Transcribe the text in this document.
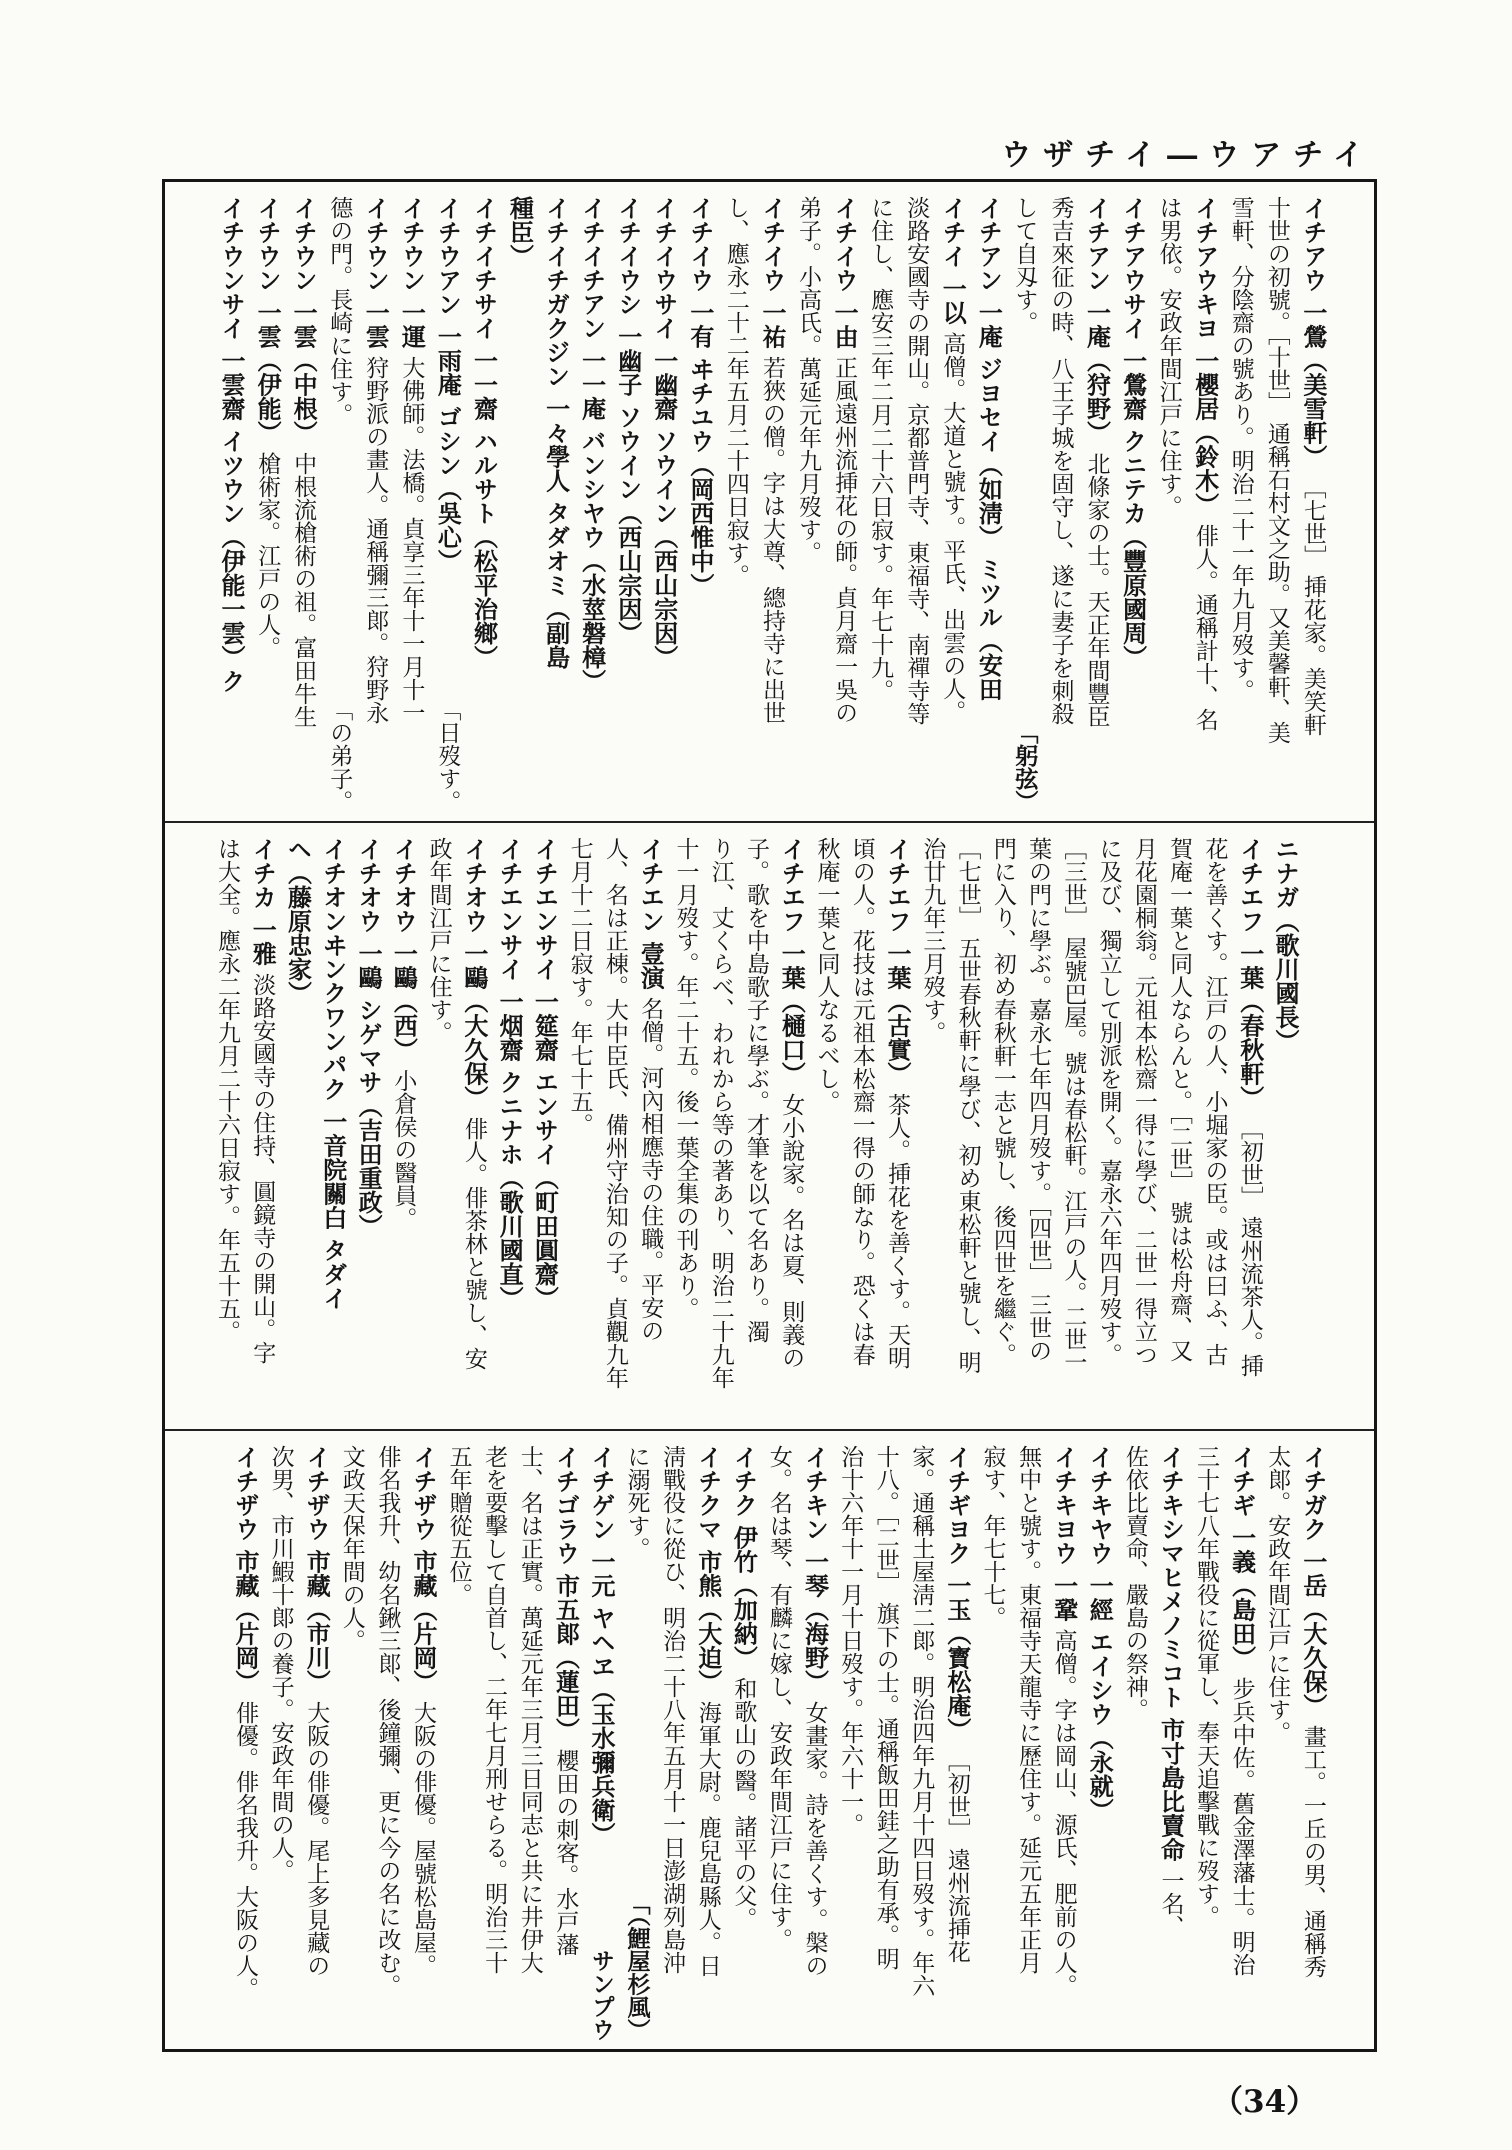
イチアウ―イチザウ
イチアウ 一鶯（美雪軒） ［七世］ 挿花家。美笑軒
十世の初號。［十世］ 通稱石村文之助。又美馨軒、美
雪軒、分陰齋の號あり。明治二十一年九月歿す。
イチアウキヨ 一櫻居（鈴木） 俳人。通稱計十、名
は男依。安政年間江戸に住す。
イチアウサイ 一鶯齋 クニテカ（豐原國周）
イチアン 一庵（狩野） 北條家の士。天正年間豐臣
秀吉來征の時、八王子城を固守し、遂に妻子を刺殺
して自刄す。
「躬弦）
イチアン 一庵 ジヨセイ（如淸） ミツル（安田
イチイ 一以 高僧。大道と號す。平氏、出雲の人。
淡路安國寺の開山。京都普門寺、東福寺、南禪寺等
に住し、應安三年二月二十六日寂す。年七十九。
イチイウ 一由 正風遠州流挿花の師。貞月齋一吳の
弟子。小高氏。萬延元年九月歿す。
イチイウ 一祐 若狹の僧。字は大尊、總持寺に出世
し、應永二十二年五月二十四日寂す。
イチイウ 一有 ヰチユウ（岡西惟中）
イチイウサイ 一幽齋 ソウイン（西山宗因）
イチイウシ 一幽子 ソウイン（西山宗因）
イチイチアン 一一庵 バンシヤウ（水莖磐樟）
イチイチガクジン 一々學人 タダオミ（副島
種臣）
イチイチサイ 一一齋 ハルサト（松平治鄉）
イチウアン 一雨庵 ゴシン（吳心）
「日歿す。
イチウン 一運 大佛師。法橋。貞享三年十一月十一
イチウン 一雲 狩野派の畫人。通稱彌三郞。狩野永
德の門。長崎に住す。
「の弟子。
イチウン 一雲（中根） 中根流槍術の祖。富田牛生
イチウン 一雲（伊能） 槍術家。江戸の人。
イチウンサイ 一雲齋 イツウン（伊能一雲）ク
ニナガ（歌川國長）
イチエフ 一葉（春秋軒） ［初世］ 遠州流茶人。挿
花を善くす。江戸の人、小堀家の臣。或は曰ふ、古
賀庵一葉と同人ならんと。［二世］ 號は松舟齋、又
月花園桐翁。元祖本松齋一得に學び、二世一得立つ
に及び、獨立して別派を開く。嘉永六年四月歿す。
［三世］ 屋號巴屋。號は春松軒。江戸の人。二世一
葉の門に學ぶ。嘉永七年四月歿す。［四世］ 三世の
門に入り、初め春秋軒一志と號し、後四世を繼ぐ。
［七世］ 五世春秋軒に學び、初め東松軒と號し、明
治廿九年三月歿す。
イチエフ 一葉（古實） 茶人。挿花を善くす。天明
頃の人。花技は元祖本松齋一得の師なり。恐くは春
秋庵一葉と同人なるべし。
イチエフ 一葉（樋口） 女小說家。名は夏、則義の
子。歌を中島歌子に學ぶ。才筆を以て名あり。濁
り江、丈くらべ、われから等の著あり、明治二十九年
十一月歿す。年二十五。後一葉全集の刊あり。
イチエン 壹演 名僧。河內相應寺の住職。平安の
人、名は正棟。大中臣氏、備州守治知の子。貞觀九年
七月十二日寂す。年七十五。
イチエンサイ 一筵齋 エンサイ（町田圓齋）
イチエンサイ 一烟齋 クニナホ（歌川國直）
イチオウ 一鷗（大久保） 俳人。俳茶林と號し、安
政年間江戸に住す。
イチオウ 一鷗（西） 小倉侯の醫員。
イチオウ 一鷗 シゲマサ（吉田重政）
イチオンヰンクワンパク 一音院關白 タダイ
ヘ（藤原忠家）
イチカ 一雅 淡路安國寺の住持、圓鏡寺の開山。字
は大全。應永二年九月二十六日寂す。年五十五。
イチガク 一岳（大久保） 畫工。一丘の男、通稱秀
太郞。安政年間江戸に住す。
イチギ 一義（島田） 步兵中佐。舊金澤藩士。明治
三十七八年戰役に從軍し、奉天追擊戰に歿す。
イチキシマヒメノミコト 市寸島比賣命 一名、
佐依比賣命、嚴島の祭神。
イチキヤウ 一經 エイシウ（永就）
イチキヨウ 一鞏 高僧。字は岡山、源氏、肥前の人。
無中と號す。東福寺天龍寺に歷住す。延元五年正月
寂す、年七十七。
イチギヨク 一玉（寳松庵） ［初世］ 遠州流挿花
家。通稱土屋淸二郞。明治四年九月十四日歿す。年六
十八。［二世］ 旗下の士。通稱飯田銈之助有承。明
治十六年十一月十日歿す。年六十一。
イチキン 一琴（海野） 女畫家。詩を善くす。槃の
女。名は琴、有麟に嫁し、安政年間江戸に住す。
イチク 伊竹（加納） 和歌山の醫。諸平の父。
イチクマ 市熊（大迫） 海軍大尉。鹿兒島縣人。日
淸戰役に從ひ、明治二十八年五月十一日澎湖列島沖
に溺死す。
「（鯉屋杉風）
イチゲン 一元 ヤヘヱ（玉水彌兵衛）
サンプウ
イチゴラウ 市五郞（蓮田） 櫻田の刺客。水戸藩
士、名は正實。萬延元年三月三日同志と共に井伊大
老を要擊して自首し、二年七月刑せらる。明治三十
五年贈從五位。
イチザウ 市藏（片岡） 大阪の俳優。屋號松島屋。
俳名我升、幼名鍬三郞、後鐘彌、更に今の名に改む。
文政天保年間の人。
イチザウ 市藏（市川） 大阪の俳優。尾上多見藏の
次男、市川鰕十郞の養子。安政年間の人。
イチザウ 市藏（片岡） 俳優。俳名我升。大阪の人。
（34）
